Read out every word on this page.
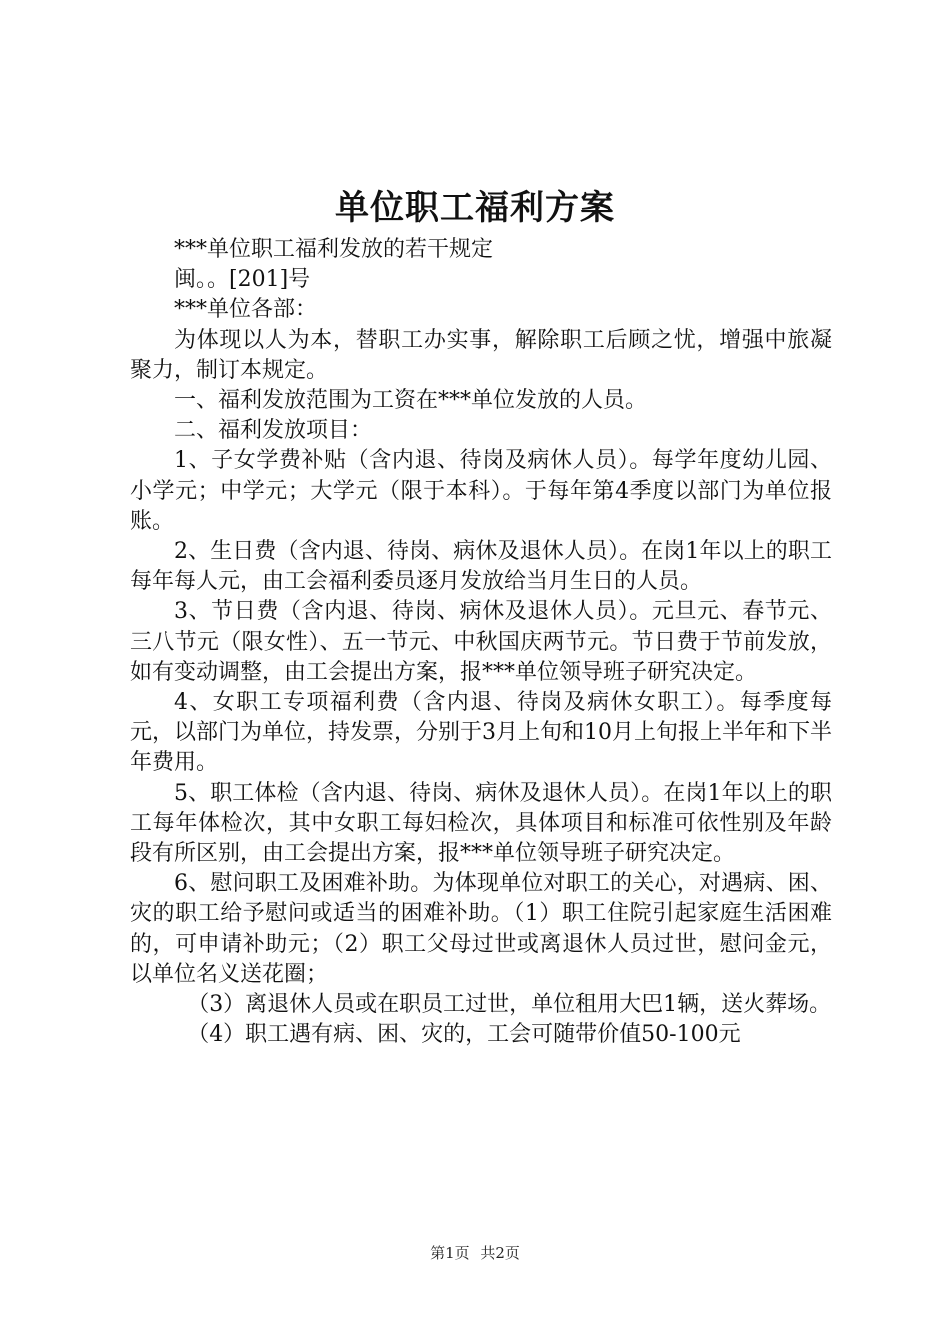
单位职工福利方案

***单位职工福利发放的若干规定

闽。。[201]号

***单位各部：

为体现以人为本，替职工办实事，解除职工后顾之忧，增强中旅凝聚力，制订本规定。

一、福利发放范围为工资在***单位发放的人员。

二、福利发放项目：

1、子女学费补贴（含内退、待岗及病休人员）。每学年度幼儿园、小学元；中学元；大学元（限于本科）。于每年第4季度以部门为单位报账。

2、生日费（含内退、待岗、病休及退休人员）。在岗1年以上的职工每年每人元，由工会福利委员逐月发放给当月生日的人员。

3、节日费（含内退、待岗、病休及退休人员）。元旦元、春节元、三八节元（限女性）、五一节元、中秋国庆两节元。节日费于节前发放，如有变动调整，由工会提出方案，报***单位领导班子研究决定。

4、女职工专项福利费（含内退、待岗及病休女职工）。每季度每元，以部门为单位，持发票，分别于3月上旬和10月上旬报上半年和下半年费用。

5、职工体检（含内退、待岗、病休及退休人员）。在岗1年以上的职工每年体检次，其中女职工每妇检次，具体项目和标准可依性别及年龄段有所区别，由工会提出方案，报***单位领导班子研究决定。

6、慰问职工及困难补助。为体现单位对职工的关心，对遇病、困、灾的职工给予慰问或适当的困难补助。（1）职工住院引起家庭生活困难的，可申请补助元；（2）职工父母过世或离退休人员过世，慰问金元，以单位名义送花圈；

（3）离退休人员或在职员工过世，单位租用大巴1辆，送火葬场。

（4）职工遇有病、困、灾的，工会可随带价值50-100元

第1页 共2页
